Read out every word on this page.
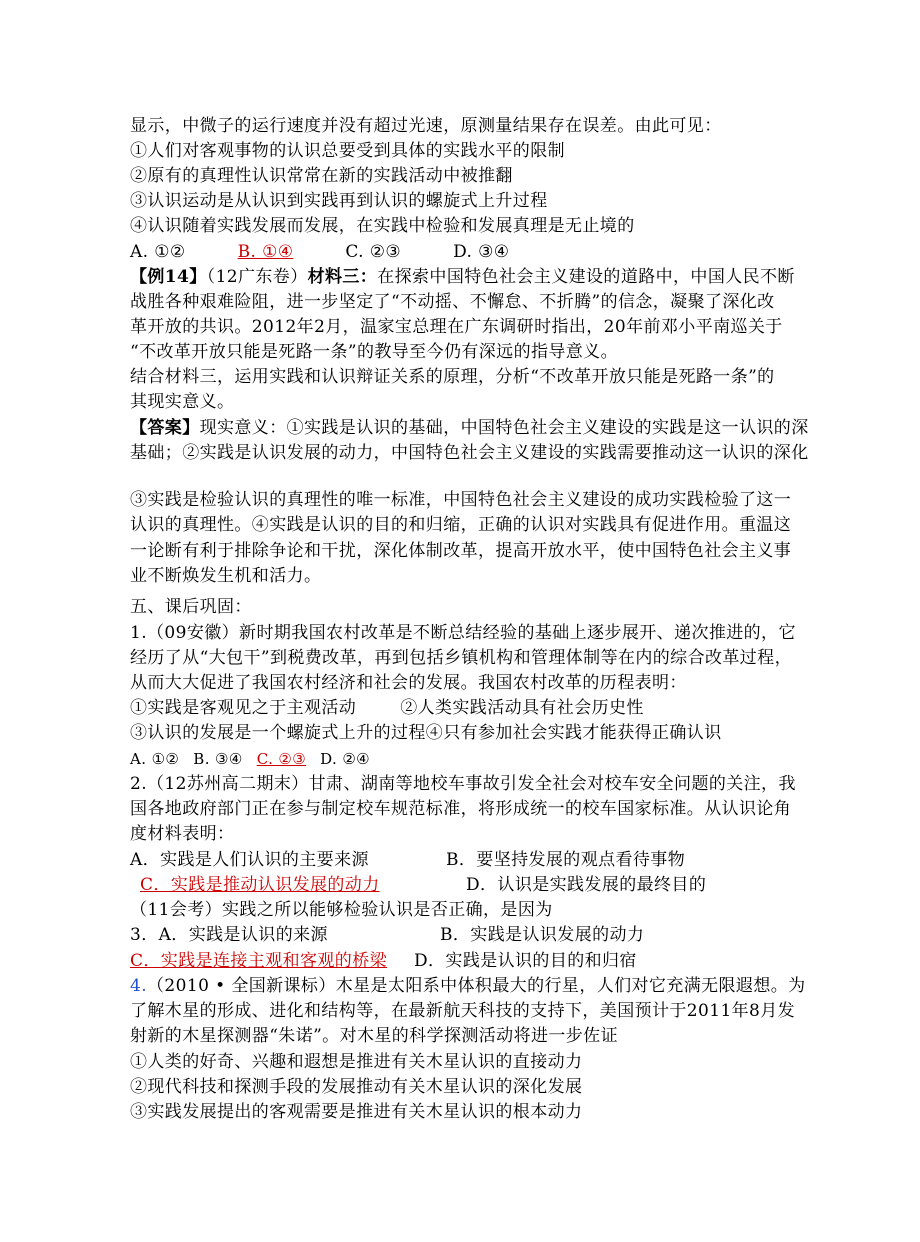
显示，中微子的运行速度并没有超过光速，原测量结果存在误差。由此可见：
①人们对客观事物的认识总要受到具体的实践水平的限制
②原有的真理性认识常常在新的实践活动中被推翻
③认识运动是从认识到实践再到认识的螺旋式上升过程
④认识随着实践发展而发展，在实践中检验和发展真理是无止境的
A. ①②	B. ①④	C. ②③	D. ③④
【例14】（12广东卷）材料三：在探索中国特色社会主义建设的道路中，中国人民不断
战胜各种艰难险阻，进一步坚定了“不动摇、不懈怠、不折腾”的信念，凝聚了深化改
革开放的共识。2012年2月，温家宝总理在广东调研时指出，20年前邓小平南巡关于
“不改革开放只能是死路一条”的教导至今仍有深远的指导意义。
结合材料三，运用实践和认识辩证关系的原理，分析“不改革开放只能是死路一条”的
其现实意义。
【答案】现实意义：①实践是认识的基础，中国特色社会主义建设的实践是这一认识的深
基础；②实践是认识发展的动力，中国特色社会主义建设的实践需要推动这一认识的深化
③实践是检验认识的真理性的唯一标准，中国特色社会主义建设的成功实践检验了这一
认识的真理性。④实践是认识的目的和归缩，正确的认识对实践具有促进作用。重温这
一论断有利于排除争论和干扰，深化体制改革，提高开放水平，使中国特色社会主义事
业不断焕发生机和活力。
五、课后巩固：
1.（09安徽）新时期我国农村改革是不断总结经验的基础上逐步展开、递次推进的，它
经历了从“大包干”到税费改革，再到包括乡镇机构和管理体制等在内的综合改革过程，
从而大大促进了我国农村经济和社会的发展。我国农村改革的历程表明：
①实践是客观见之于主观活动	②人类实践活动具有社会历史性
③认识的发展是一个螺旋式上升的过程④只有参加社会实践才能获得正确认识
A. ①② B. ③④ C. ②③ D. ②④
2.（12苏州高二期末）甘肃、湖南等地校车事故引发全社会对校车安全问题的关注，我
国各地政府部门正在参与制定校车规范标准，将形成统一的校车国家标准。从认识论角
度材料表明：
A．实践是人们认识的主要来源	B．要坚持发展的观点看待事物
C．实践是推动认识发展的动力	D．认识是实践发展的最终目的
（11会考）实践之所以能够检验认识是否正确，是因为
3．A．实践是认识的来源	B．实践是认识发展的动力
C．实践是连接主观和客观的桥梁 D．实践是认识的目的和归宿
4.（2010 • 全国新课标）木星是太阳系中体积最大的行星，人们对它充满无限遐想。为
了解木星的形成、进化和结构等，在最新航天科技的支持下，美国预计于2011年8月发
射新的木星探测器“朱诺”。对木星的科学探测活动将进一步佐证
①人类的好奇、兴趣和遐想是推进有关木星认识的直接动力
②现代科技和探测手段的发展推动有关木星认识的深化发展
③实践发展提出的客观需要是推进有关木星认识的根本动力
